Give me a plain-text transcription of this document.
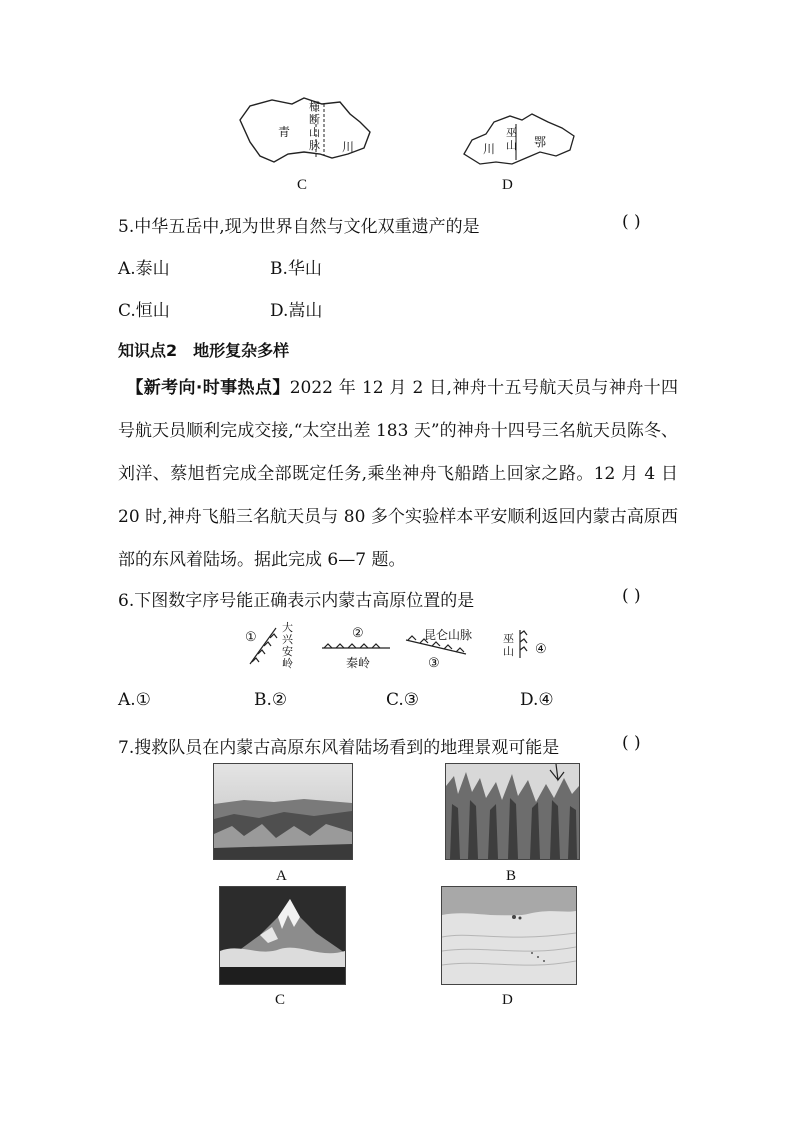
青
横断山脉 川
C
巫山 鄂
川
D
5.中华五岳中,现为世界自然与文化双重遗产的是	( )
A.泰山	B.华山
C.恒山	D.嵩山
知识点2　地形复杂多样
【新考向·时事热点】2022 年 12 月 2 日,神舟十五号航天员与神舟十四号航天员顺利完成交接,“太空出差 183 天”的神舟十四号三名航天员陈冬、刘洋、蔡旭哲完成全部既定任务,乘坐神舟飞船踏上回家之路。12 月 4 日 20 时,神舟飞船三名航天员与 80 多个实验样本平安顺利返回内蒙古高原西部的东风着陆场。据此完成 6—7 题。
6.下图数字序号能正确表示内蒙古高原位置的是	( )
①
大兴安岭
②
秦岭
昆仑山脉
③
巫山 ④
A.①	B.②	C.③	D.④
7.搜救队员在内蒙古高原东风着陆场看到的地理景观可能是	( )
A	B
C	D
